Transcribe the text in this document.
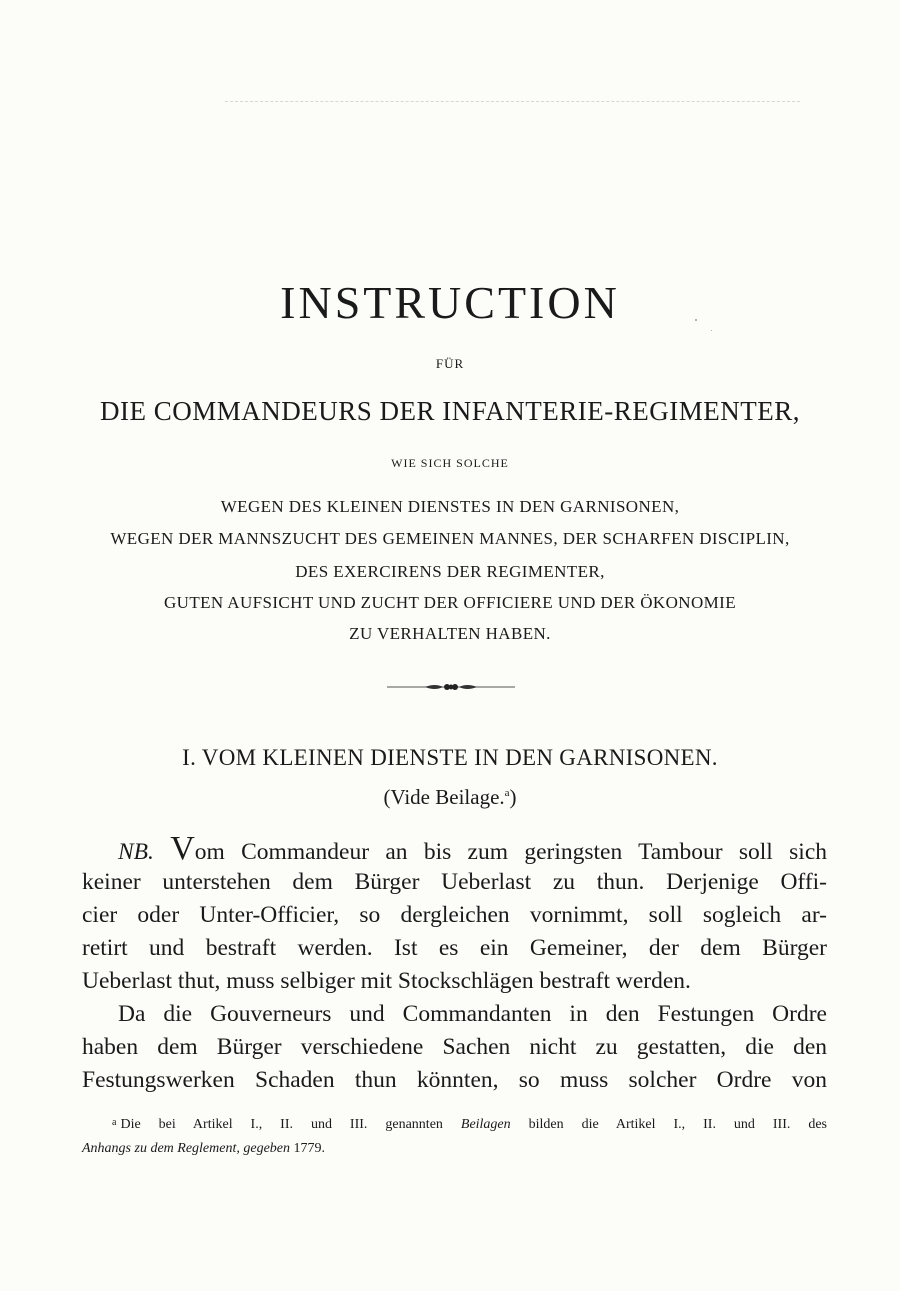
INSTRUCTION
FÜR
DIE COMMANDEURS DER INFANTERIE-REGIMENTER,
WIE SICH SOLCHE
WEGEN DES KLEINEN DIENSTES IN DEN GARNISONEN,
WEGEN DER MANNSZUCHT DES GEMEINEN MANNES, DER SCHARFEN DISCIPLIN,
DES EXERCIRENS DER REGIMENTER,
GUTEN AUFSICHT UND ZUCHT DER OFFICIERE UND DER ÖKONOMIE
ZU VERHALTEN HABEN.
I. VOM KLEINEN DIENSTE IN DEN GARNISONEN.
(Vide Beilage.$^a$)
NB. Vom Commandeur an bis zum geringsten Tambour soll sich
keiner unterstehen dem Bürger Ueberlast zu thun. Derjenige Offi-
cier oder Unter-Officier, so dergleichen vornimmt, soll sogleich ar-
retirt und bestraft werden. Ist es ein Gemeiner, der dem Bürger
Ueberlast thut, muss selbiger mit Stockschlägen bestraft werden.
Da die Gouverneurs und Commandanten in den Festungen Ordre
haben dem Bürger verschiedene Sachen nicht zu gestatten, die den
Festungswerken Schaden thun könnten, so muss solcher Ordre von
$^a$ Die bei Artikel I., II. und III. genannten Beilagen bilden die Artikel I., II. und III. des
Anhangs zu dem Reglement, gegeben 1779.
